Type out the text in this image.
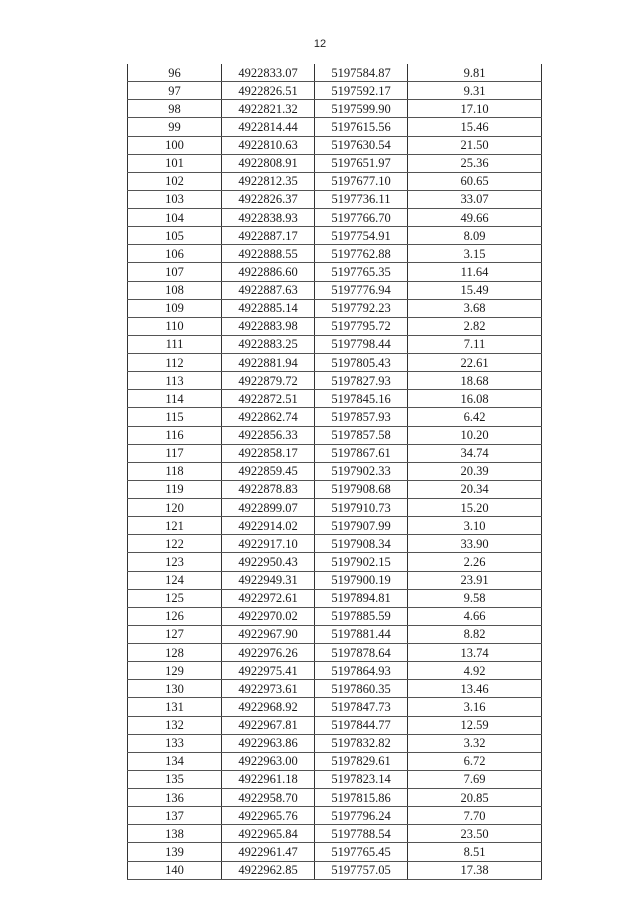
12
96	4922833.07	5197584.87	9.81
97	4922826.51	5197592.17	9.31
98	4922821.32	5197599.90	17.10
99	4922814.44	5197615.56	15.46
100	4922810.63	5197630.54	21.50
101	4922808.91	5197651.97	25.36
102	4922812.35	5197677.10	60.65
103	4922826.37	5197736.11	33.07
104	4922838.93	5197766.70	49.66
105	4922887.17	5197754.91	8.09
106	4922888.55	5197762.88	3.15
107	4922886.60	5197765.35	11.64
108	4922887.63	5197776.94	15.49
109	4922885.14	5197792.23	3.68
110	4922883.98	5197795.72	2.82
111	4922883.25	5197798.44	7.11
112	4922881.94	5197805.43	22.61
113	4922879.72	5197827.93	18.68
114	4922872.51	5197845.16	16.08
115	4922862.74	5197857.93	6.42
116	4922856.33	5197857.58	10.20
117	4922858.17	5197867.61	34.74
118	4922859.45	5197902.33	20.39
119	4922878.83	5197908.68	20.34
120	4922899.07	5197910.73	15.20
121	4922914.02	5197907.99	3.10
122	4922917.10	5197908.34	33.90
123	4922950.43	5197902.15	2.26
124	4922949.31	5197900.19	23.91
125	4922972.61	5197894.81	9.58
126	4922970.02	5197885.59	4.66
127	4922967.90	5197881.44	8.82
128	4922976.26	5197878.64	13.74
129	4922975.41	5197864.93	4.92
130	4922973.61	5197860.35	13.46
131	4922968.92	5197847.73	3.16
132	4922967.81	5197844.77	12.59
133	4922963.86	5197832.82	3.32
134	4922963.00	5197829.61	6.72
135	4922961.18	5197823.14	7.69
136	4922958.70	5197815.86	20.85
137	4922965.76	5197796.24	7.70
138	4922965.84	5197788.54	23.50
139	4922961.47	5197765.45	8.51
140	4922962.85	5197757.05	17.38
